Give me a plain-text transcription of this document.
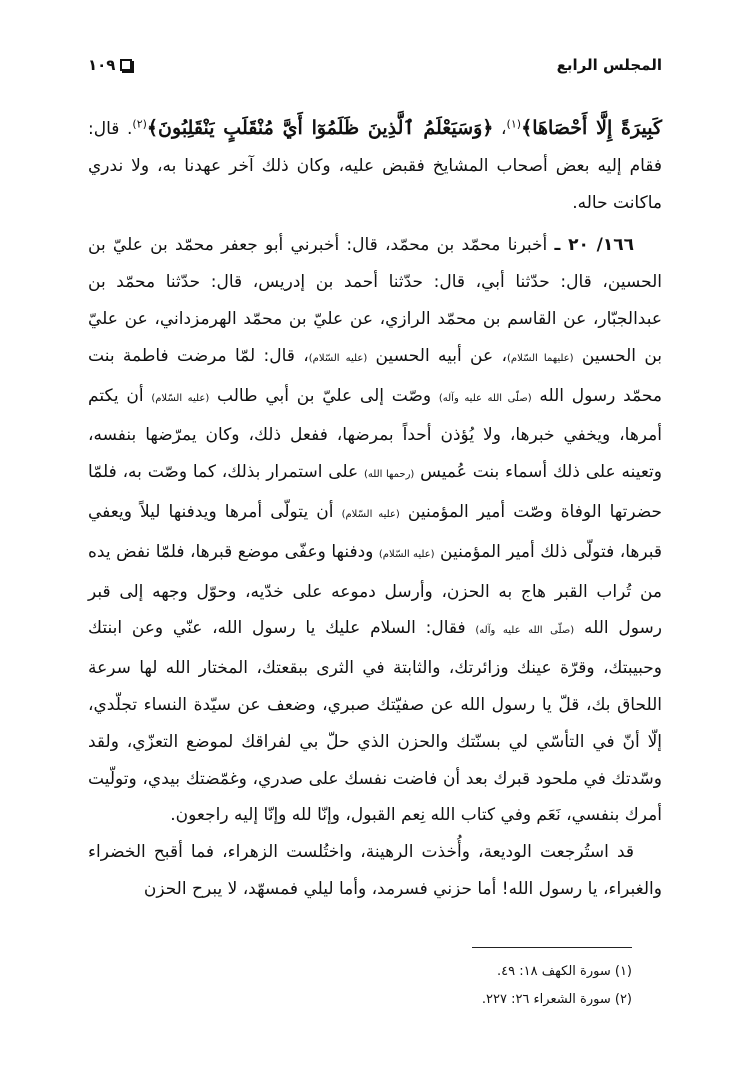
المجلس الرابع
١٠٩

كَبِيرَةً إِلَّا أَحْصَاهَا﴾$^{(١)}$، ﴿وَسَيَعْلَمُ ٱلَّذِينَ ظَلَمُوٓا أَيَّ مُنْقَلَبٍ يَنْقَلِبُونَ﴾$^{(٢)}$. قال: فقام إليه بعض أصحاب المشايخ فقبض عليه، وكان ذلك آخر عهدنا به، ولا ندري ماكانت حاله.

١٦٦/ ٢٠ ـ أخبرنا محمّد بن محمّد، قال: أخبرني أبو جعفر محمّد بن عليّ بن الحسين، قال: حدّثنا أبي، قال: حدّثنا أحمد بن إدريس، قال: حدّثنا محمّد بن عبدالجبّار، عن القاسم بن محمّد الرازي، عن عليّ بن محمّد الهرمزداني، عن عليّ بن الحسين (عليهما السّلام)، عن أبيه الحسين (عليه السّلام)، قال: لمّا مرضت فاطمة بنت محمّد رسول الله (صلّى الله عليه وآله) وصّت إلى عليّ بن أبي طالب (عليه السّلام) أن يكتم أمرها، ويخفي خبرها، ولا يُؤذن أحداً بمرضها، ففعل ذلك، وكان يمرّضها بنفسه، وتعينه على ذلك أسماء بنت عُميس (رحمها الله) على استمرار بذلك، كما وصّت به، فلمّا حضرتها الوفاة وصّت أمير المؤمنين (عليه السّلام) أن يتولّى أمرها ويدفنها ليلاً ويعفي قبرها، فتولّى ذلك أمير المؤمنين (عليه السّلام) ودفنها وعفّى موضع قبرها، فلمّا نفض يده من تُراب القبر هاج به الحزن، وأرسل دموعه على خدّيه، وحوّل وجهه إلى قبر رسول الله (صلّى الله عليه وآله) فقال: السلام عليك يا رسول الله، عنّي وعن ابنتك وحبيبتك، وقرّة عينك وزائرتك، والثابتة في الثرى ببقعتك، المختار الله لها سرعة اللحاق بك، قلّ يا رسول الله عن صفيّتك صبري، وضعف عن سيّدة النساء تجلّدي، إلّا أنّ في التأسّي لي بسنّتك والحزن الذي حلّ بي لفراقك لموضع التعزّي، ولقد وسّدتك في ملحود قبرك بعد أن فاضت نفسك على صدري، وغمّضتك بيدي، وتولّيت أمرك بنفسي، نَعَم وفي كتاب الله نِعم القبول، وإنّا لله وإنّا إليه راجعون.

قد استُرجعت الوديعة، وأُخذت الرهينة، واختُلست الزهراء، فما أقبح الخضراء والغبراء، يا رسول الله! أما حزني فسرمد، وأما ليلي فمسهّد، لا يبرح الحزن

(١) سورة الكهف ١٨: ٤٩.
(٢) سورة الشعراء ٢٦: ٢٢٧.
